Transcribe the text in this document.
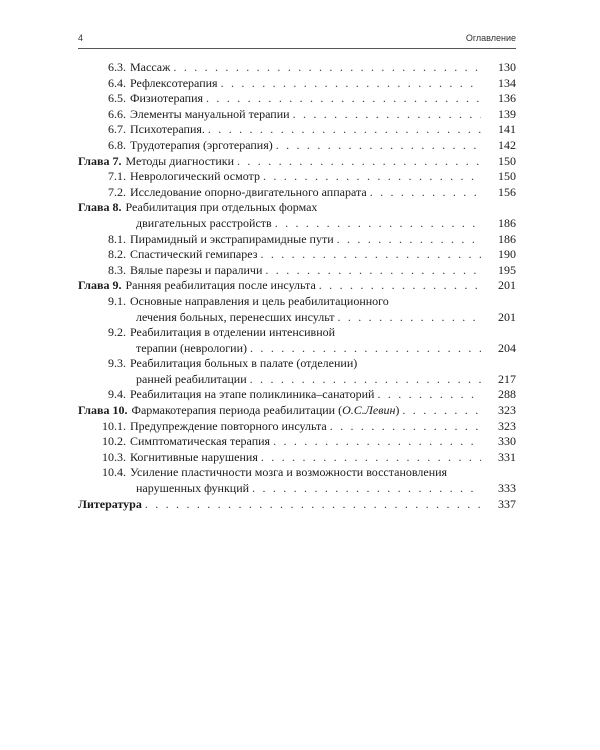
4	Оглавление
6.3. Массаж . . .	130
6.4. Рефлексотерапия . . .	134
6.5. Физиотерапия . . .	136
6.6. Элементы мануальной терапии . . .	139
6.7. Психотерапия. . . .	141
6.8. Трудотерапия (эрготерапия) . . .	142
Глава 7. Методы диагностики . . .	150
7.1. Неврологический осмотр . . .	150
7.2. Исследование опорно-двигательного аппарата . . .	156
Глава 8. Реабилитация при отдельных формах
двигательных расстройств . . .	186
8.1. Пирамидный и экстрапирамидные пути . . .	186
8.2. Спастический гемипарез . . .	190
8.3. Вялые парезы и параличи . . .	195
Глава 9. Ранняя реабилитация после инсульта . . .	201
9.1. Основные направления и цель реабилитационного
лечения больных, перенесших инсульт . . .	201
9.2. Реабилитация в отделении интенсивной
терапии (неврологии) . . .	204
9.3. Реабилитация больных в палате (отделении)
ранней реабилитации . . .	217
9.4. Реабилитация на этапе поликлиника–санаторий . . .	288
Глава 10. Фармакотерапия периода реабилитации (О.С.Левин) . . .	323
10.1. Предупреждение повторного инсульта . . .	323
10.2. Симптоматическая терапия . . .	330
10.3. Когнитивные нарушения . . .	331
10.4. Усиление пластичности мозга и возможности восстановления
нарушенных функций . . .	333
Литература . . .	337
